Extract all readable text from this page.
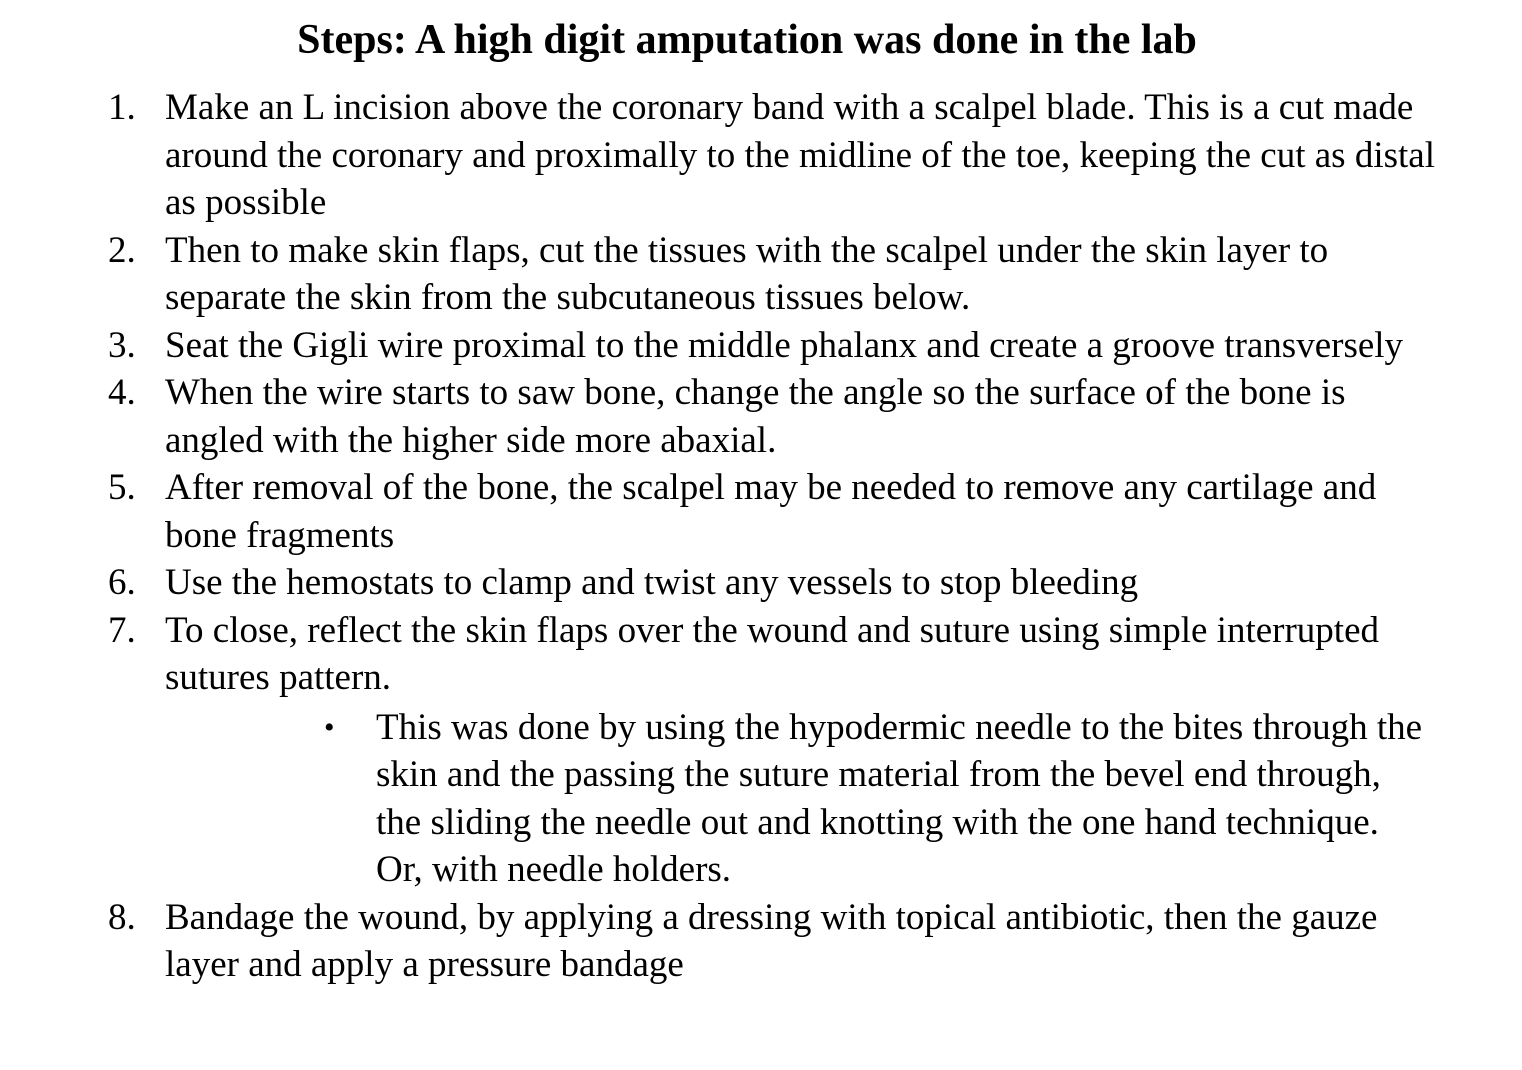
Steps: A high digit amputation was done in the lab
1. Make an L incision above the coronary band with a scalpel blade. This is a cut made around the coronary and proximally to the midline of the toe, keeping the cut as distal as possible
2. Then to make skin flaps, cut the tissues with the scalpel under the skin layer to separate the skin from the subcutaneous tissues below.
3. Seat the Gigli wire proximal to the middle phalanx and create a groove transversely
4. When the wire starts to saw bone, change the angle so the surface of the bone is angled with the higher side more abaxial.
5. After removal of the bone, the scalpel may be needed to remove any cartilage and bone fragments
6. Use the hemostats to clamp and twist any vessels to stop bleeding
7. To close, reflect the skin flaps over the wound and suture using simple interrupted sutures pattern.
• This was done by using the hypodermic needle to the bites through the skin and the passing the suture material from the bevel end through, the sliding the needle out and knotting with the one hand technique. Or, with needle holders.
8. Bandage the wound, by applying a dressing with topical antibiotic, then the gauze layer and apply a pressure bandage
